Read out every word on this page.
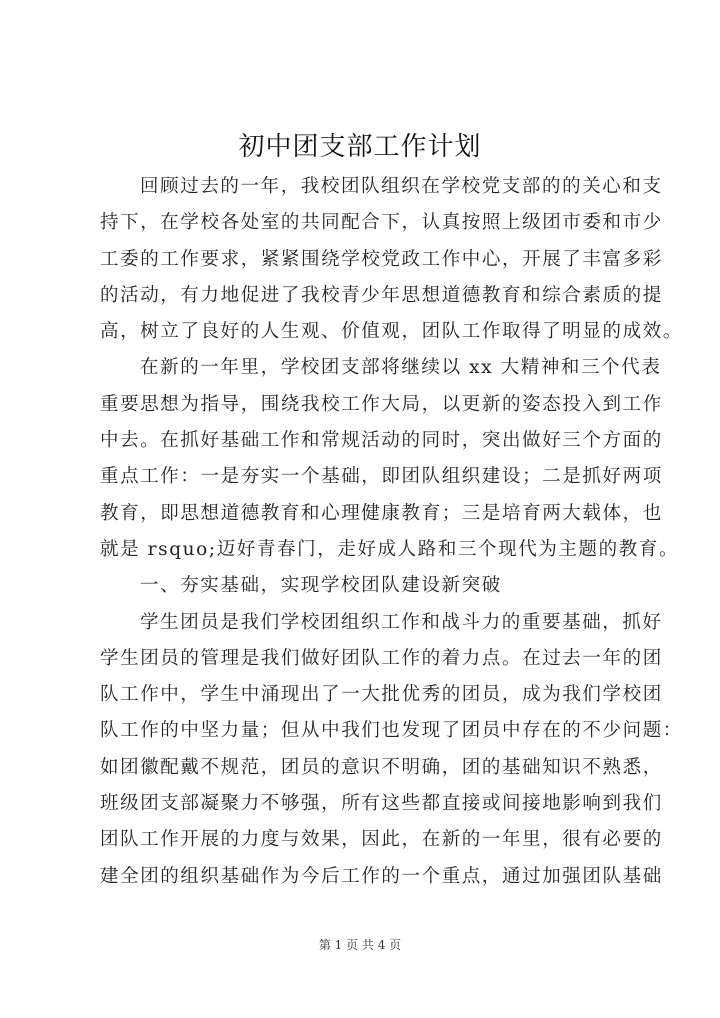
初中团支部工作计划
回顾过去的一年，我校团队组织在学校党支部的的关心和支
持下，在学校各处室的共同配合下，认真按照上级团市委和市少
工委的工作要求，紧紧围绕学校党政工作中心，开展了丰富多彩
的活动，有力地促进了我校青少年思想道德教育和综合素质的提
高，树立了良好的人生观、价值观，团队工作取得了明显的成效。
在新的一年里，学校团支部将继续以 xx 大精神和三个代表
重要思想为指导，围绕我校工作大局，以更新的姿态投入到工作
中去。在抓好基础工作和常规活动的同时，突出做好三个方面的
重点工作：一是夯实一个基础，即团队组织建设；二是抓好两项
教育，即思想道德教育和心理健康教育；三是培育两大载体，也
就是 rsquo;迈好青春门，走好成人路和三个现代为主题的教育。
一、夯实基础，实现学校团队建设新突破
学生团员是我们学校团组织工作和战斗力的重要基础，抓好
学生团员的管理是我们做好团队工作的着力点。在过去一年的团
队工作中，学生中涌现出了一大批优秀的团员，成为我们学校团
队工作的中坚力量；但从中我们也发现了团员中存在的不少问题：
如团徽配戴不规范，团员的意识不明确，团的基础知识不熟悉，
班级团支部凝聚力不够强，所有这些都直接或间接地影响到我们
团队工作开展的力度与效果，因此，在新的一年里，很有必要的
建全团的组织基础作为今后工作的一个重点，通过加强团队基础
第 1 页 共 4 页
